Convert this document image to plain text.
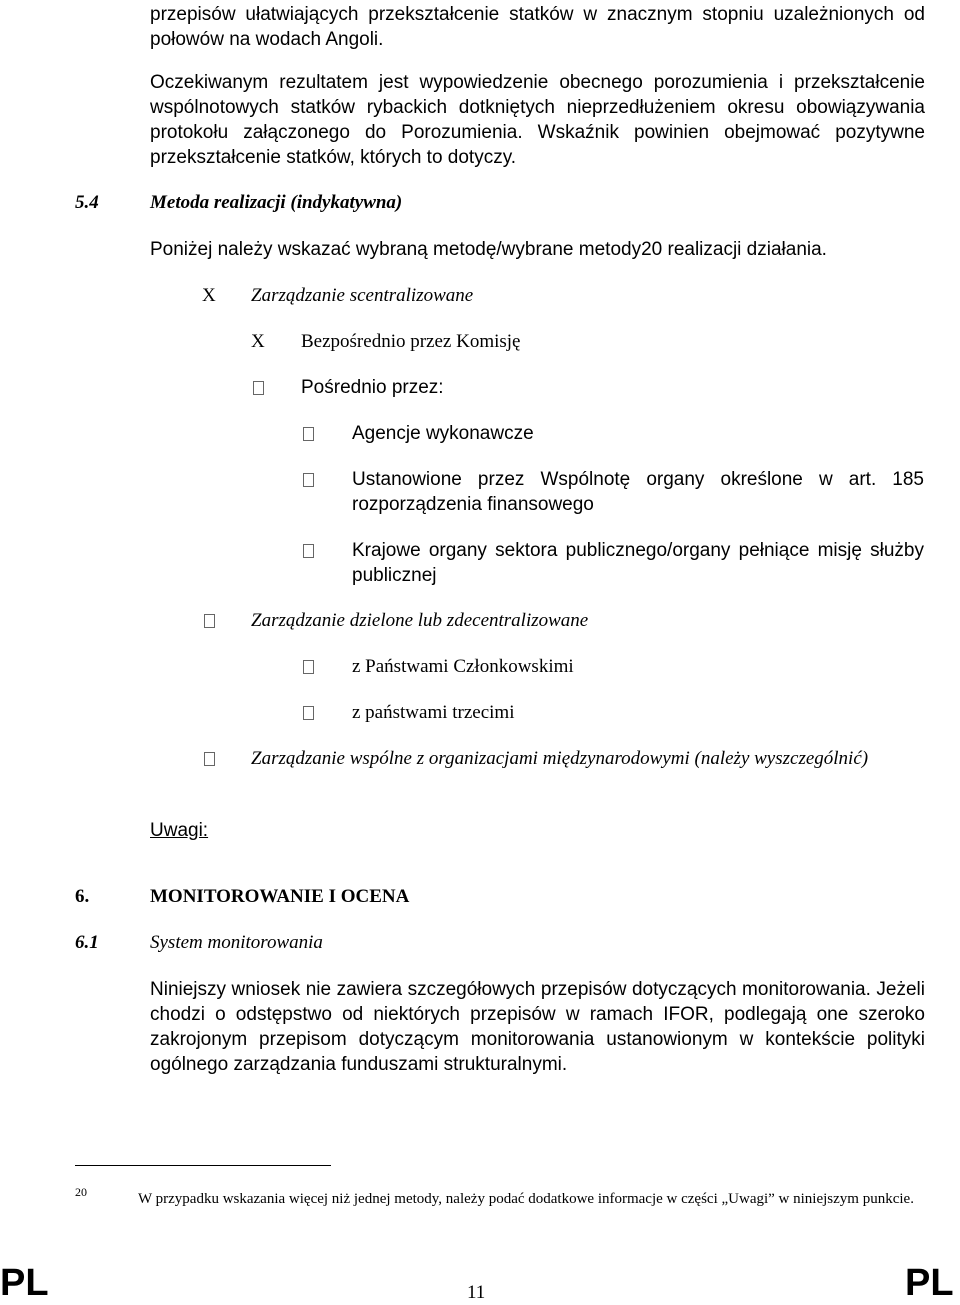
przepisów ułatwiających przekształcenie statków w znacznym stopniu uzależnionych od połowów na wodach Angoli.

Oczekiwanym rezultatem jest wypowiedzenie obecnego porozumienia i przekształcenie wspólnotowych statków rybackich dotkniętych nieprzedłużeniem okresu obowiązywania protokołu załączonego do Porozumienia. Wskaźnik powinien obejmować pozytywne przekształcenie statków, których to dotyczy.

5.4	Metoda realizacji (indykatywna)
Poniżej należy wskazać wybraną metodę/wybrane metody20 realizacji działania.
X Zarządzanie scentralizowane
X Bezpośrednio przez Komisję
Pośrednio przez:
Agencje wykonawcze
Ustanowione przez Wspólnotę organy określone w art. 185 rozporządzenia finansowego
Krajowe organy sektora publicznego/organy pełniące misję służby publicznej
Zarządzanie dzielone lub zdecentralizowane
z Państwami Członkowskimi
z państwami trzecimi
Zarządzanie wspólne z organizacjami międzynarodowymi (należy wyszczególnić)
Uwagi:
6.	MONITOROWANIE I OCENA
6.1	System monitorowania

Niniejszy wniosek nie zawiera szczegółowych przepisów dotyczących monitorowania. Jeżeli chodzi o odstępstwo od niektórych przepisów w ramach IFOR, podlegają one szeroko zakrojonym przepisom dotyczącym monitorowania ustanowionym w kontekście polityki ogólnego zarządzania funduszami strukturalnymi.

20	W przypadku wskazania więcej niż jednej metody, należy podać dodatkowe informacje w części „Uwagi” w niniejszym punkcie.
PL	11	PL
